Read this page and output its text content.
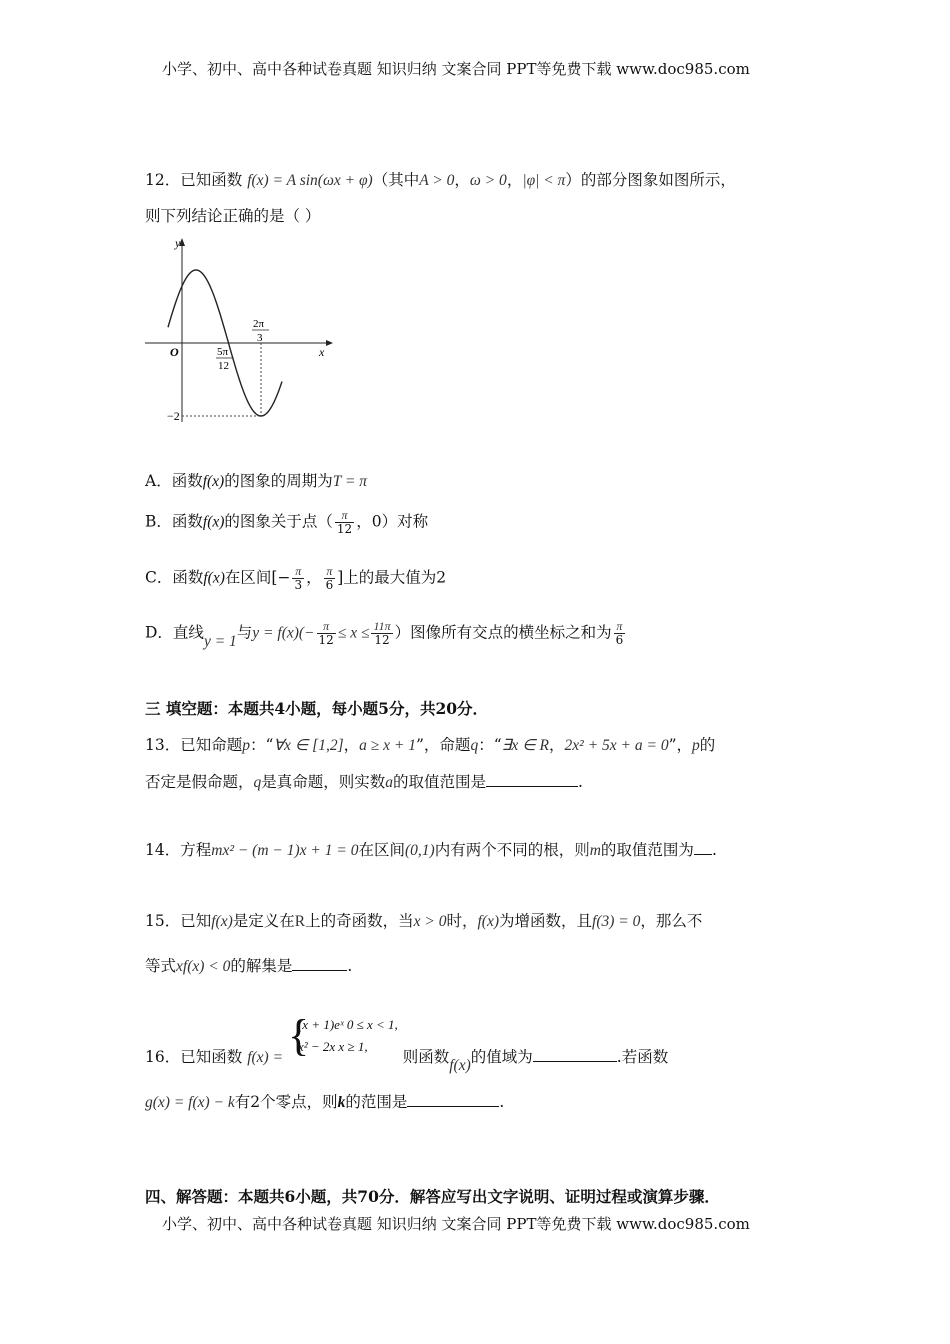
小学、初中、高中各种试卷真题 知识归纳 文案合同 PPT等免费下载 www.doc985.com
12．已知函数 f(x) = A sin(ωx + φ)（其中A > 0，ω > 0，|φ| < π）的部分图象如图所示，
则下列结论正确的是（ ）
y
x
O	5π
12
2π
3
−2
A．函数f(x)的图象的周期为T = π
B．函数f(x)的图象关于点（ $\frac{\pi}{12}$ ，0）对称
C．函数f(x)在区间[− $\frac{\pi}{3}$ ， $\frac{\pi}{6}$ ]上的最大值为2
D．直线y = 1与$y = f(x)(- \frac{\pi}{12} \le x \le \frac{11\pi}{12}$ ）图像所有交点的横坐标之和为 $\frac{\pi}{6}$
三 填空题：本题共4小题，每小题5分，共20分．
13．已知命题p：“∀x ∈ [1,2]，a ≥ x + 1”，命题q：“∃x ∈ R，2x² + 5x + a = 0”，p的
否定是假命题，q是真命题，则实数a的取值范围是	.
14．方程mx² − (m − 1)x + 1 = 0在区间(0,1)内有两个不同的根，则m的取值范围为 .
15．已知f(x)是定义在R上的奇函数，当x > 0时，f(x)为增函数，且f(3) = 0，那么不
等式xf(x) < 0的解集是	.
16．已知函数 f(x) = {
(x + 1)eˣ 0 ≤ x < 1,
x² − 2x x ≥ 1,
则函数f(x)的值域为	.若函数
g(x) = f(x) − k有2个零点，则k的范围是	.
四、解答题：本题共6小题，共70分．解答应写出文字说明、证明过程或演算步骤．
小学、初中、高中各种试卷真题 知识归纳 文案合同 PPT等免费下载 www.doc985.com
